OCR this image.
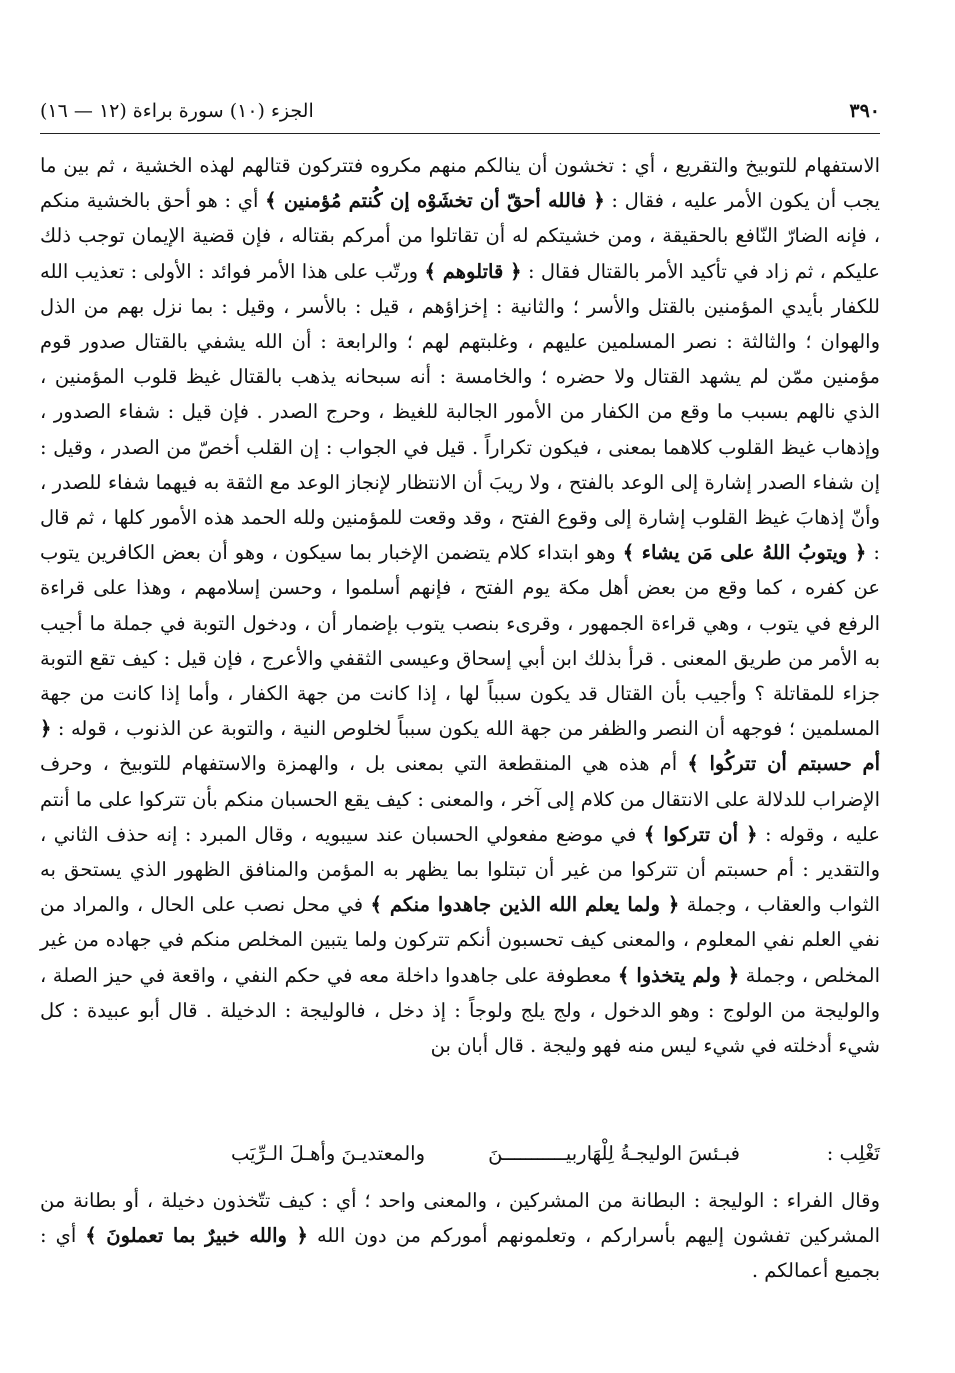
٣٩٠
الجزء (١٠) سورة براءة (١٢ — ١٦)

الاستفهام للتوبيخ والتقريع ، أي : تخشون أن ينالكم منهم مكروه فتتركون قتالهم لهذه الخشية ، ثم بين ما يجب أن يكون الأمر عليه ، فقال : ﴿ فالله أحقّ أن تخشَوْه إن كُنتم مُؤمنين ﴾ أي : هو أحق بالخشية منكم ، فإنه الضارّ النّافع بالحقيقة ، ومن خشيتكم له أن تقاتلوا من أمركم بقتاله ، فإن قضية الإيمان توجب ذلك عليكم ، ثم زاد في تأكيد الأمر بالقتال فقال : ﴿ قاتلوهم ﴾ ورتّب على هذا الأمر فوائد : الأولى : تعذيب الله للكفار بأيدي المؤمنين بالقتل والأسر ؛ والثانية : إخزاؤهم ، قيل : بالأسر ، وقيل : بما نزل بهم من الذل والهوان ؛ والثالثة : نصر المسلمين عليهم ، وغلبتهم لهم ؛ والرابعة : أن الله يشفي بالقتال صدور قوم مؤمنين ممّن لم يشهد القتال ولا حضره ؛ والخامسة : أنه سبحانه يذهب بالقتال غيظ قلوب المؤمنين ، الذي نالهم بسبب ما وقع من الكفار من الأمور الجالبة للغيظ ، وحرج الصدر . فإن قيل : شفاء الصدور ، وإذهاب غيظ القلوب كلاهما بمعنى ، فيكون تكراراً . قيل في الجواب : إن القلب أخصّ من الصدر ، وقيل : إن شفاء الصدر إشارة إلى الوعد بالفتح ، ولا ريبَ أن الانتظار لإنجاز الوعد مع الثقة به فيهما شفاء للصدر ، وأنّ إذهابَ غيظ القلوب إشارة إلى وقوع الفتح ، وقد وقعت للمؤمنين ولله الحمد هذه الأمور كلها ، ثم قال : ﴿ ويتوبُ اللهُ على مَن يشاء ﴾ وهو ابتداء كلام يتضمن الإخبار بما سيكون ، وهو أن بعض الكافرين يتوب عن كفره ، كما وقع من بعض أهل مكة يوم الفتح ، فإنهم أسلموا ، وحسن إسلامهم ، وهذا على قراءة الرفع في يتوب ، وهي قراءة الجمهور ، وقرىء بنصب يتوب بإضمار أن ، ودخول التوبة في جملة ما أجيب به الأمر من طريق المعنى . قرأ بذلك ابن أبي إسحاق وعيسى الثقفي والأعرج ، فإن قيل : كيف تقع التوبة جزاء للمقاتلة ؟ وأجيب بأن القتال قد يكون سبباً لها ، إذا كانت من جهة الكفار ، وأما إذا كانت من جهة المسلمين ؛ فوجهه أن النصر والظفر من جهة الله يكون سبباً لخلوص النية ، والتوبة عن الذنوب ، قوله : ﴿ أم حسبتم أن تتركُوا ﴾ أم هذه هي المنقطعة التي بمعنى بل ، والهمزة والاستفهام للتوبيخ ، وحرف الإضراب للدلالة على الانتقال من كلام إلى آخر ، والمعنى : كيف يقع الحسبان منكم بأن تتركوا على ما أنتم عليه ، وقوله : ﴿ أن تتركوا ﴾ في موضع مفعولي الحسبان عند سيبويه ، وقال المبرد : إنه حذف الثاني ، والتقدير : أم حسبتم أن تتركوا من غير أن تبتلوا بما يظهر به المؤمن والمنافق الظهور الذي يستحق به الثواب والعقاب ، وجملة ﴿ ولما يعلم الله الذين جاهدوا منكم ﴾ في محل نصب على الحال ، والمراد من نفي العلم نفي المعلوم ، والمعنى كيف تحسبون أنكم تتركون ولما يتبين المخلص منكم في جهاده من غير المخلص ، وجملة ﴿ ولم يتخذوا ﴾ معطوفة على جاهدوا داخلة معه في حكم النفي ، واقعة في حيز الصلة ، والوليجة من الولوج : وهو الدخول ، ولج يلج ولوجاً : إذ دخل ، فالوليجة : الدخيلة . قال أبو عبيدة : كل شيء أدخلته في شيء ليس منه فهو وليجة . قال أبان بن

تَغْلِب :
فبـئسَ الوليجـةُ لِلْهَاربيـــــــــــنَ
والمعتديـنَ وأهـلَ الـرِّيَب

وقال الفراء : الوليجة : البطانة من المشركين ، والمعنى واحد ؛ أي : كيف تتّخذون دخيلة ، أو بطانة من المشركين تفشون إليهم بأسراركم ، وتعلمونهم أموركم من دون الله ﴿ والله خبيرٌ بما تعملونَ ﴾ أي : بجميع أعمالكم .
